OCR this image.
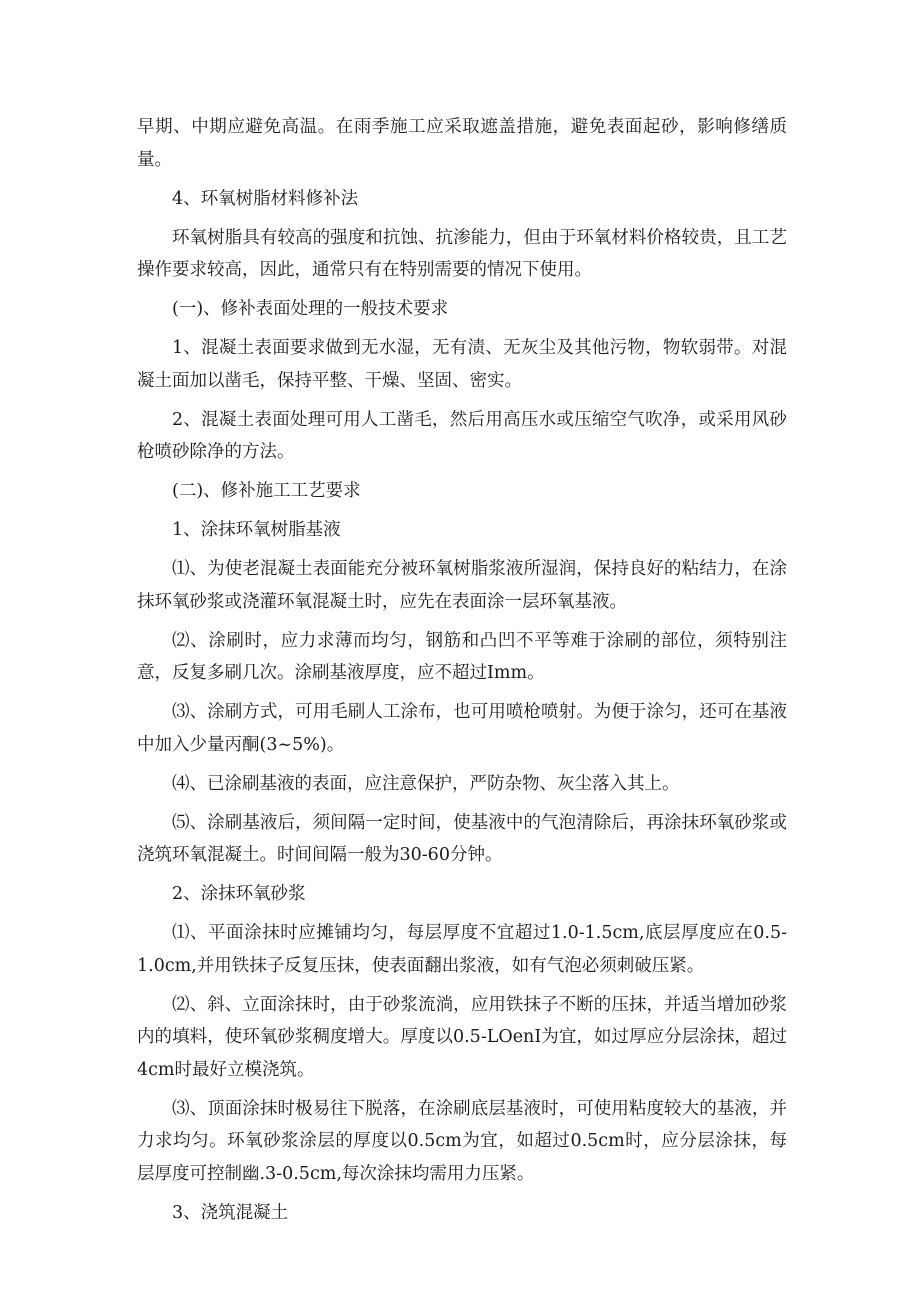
早期、中期应避免高温。在雨季施工应采取遮盖措施，避免表面起砂，影响修缮质量。

4、环氧树脂材料修补法

环氧树脂具有较高的强度和抗蚀、抗渗能力，但由于环氧材料价格较贵，且工艺操作要求较高，因此，通常只有在特别需要的情况下使用。

(一)、修补表面处理的一般技术要求

1、混凝土表面要求做到无水湿，无有渍、无灰尘及其他污物，物软弱带。对混凝土面加以凿毛，保持平整、干燥、坚固、密实。

2、混凝土表面处理可用人工凿毛，然后用高压水或压缩空气吹净，或采用风砂枪喷砂除净的方法。

(二)、修补施工工艺要求

1、涂抹环氧树脂基液

⑴、为使老混凝土表面能充分被环氧树脂浆液所湿润，保持良好的粘结力，在涂抹环氧砂浆或浇灌环氧混凝土时，应先在表面涂一层环氧基液。

⑵、涂刷时，应力求薄而均匀，钢筋和凸凹不平等难于涂刷的部位，须特别注意，反复多刷几次。涂刷基液厚度，应不超过Imm。

⑶、涂刷方式，可用毛刷人工涂布，也可用喷枪喷射。为便于涂匀，还可在基液中加入少量丙酮(3~5%)。

⑷、已涂刷基液的表面，应注意保护，严防杂物、灰尘落入其上。

⑸、涂刷基液后，须间隔一定时间，使基液中的气泡清除后，再涂抹环氧砂浆或浇筑环氧混凝土。时间间隔一般为30-60分钟。

2、涂抹环氧砂浆

⑴、平面涂抹时应摊铺均匀，每层厚度不宜超过1.0-1.5cm,底层厚度应在0.5-1.0cm,并用铁抹子反复压抹，使表面翻出浆液，如有气泡必须刺破压紧。

⑵、斜、立面涂抹时，由于砂浆流淌，应用铁抹子不断的压抹，并适当增加砂浆内的填料，使环氧砂浆稠度增大。厚度以0.5-LOenI为宜，如过厚应分层涂抹，超过4cm时最好立模浇筑。

⑶、顶面涂抹时极易往下脱落，在涂刷底层基液时，可使用粘度较大的基液，并力求均匀。环氧砂浆涂层的厚度以0.5cm为宜，如超过0.5cm时，应分层涂抹，每层厚度可控制幽.3-0.5cm,每次涂抹均需用力压紧。

3、浇筑混凝土
